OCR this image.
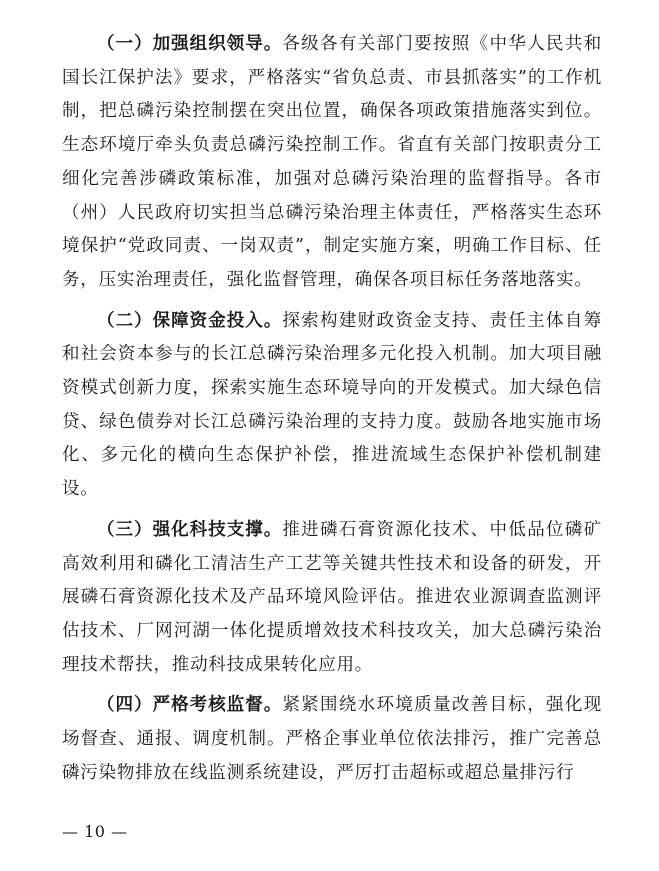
（一）加强组织领导。各级各有关部门要按照《中华人民共和国长江保护法》要求，严格落实“省负总责、市县抓落实”的工作机制，把总磷污染控制摆在突出位置，确保各项政策措施落实到位。生态环境厅牵头负责总磷污染控制工作。省直有关部门按职责分工细化完善涉磷政策标准，加强对总磷污染治理的监督指导。各市（州）人民政府切实担当总磷污染治理主体责任，严格落实生态环境保护“党政同责、一岗双责”，制定实施方案，明确工作目标、任务，压实治理责任，强化监督管理，确保各项目标任务落地落实。

（二）保障资金投入。探索构建财政资金支持、责任主体自筹和社会资本参与的长江总磷污染治理多元化投入机制。加大项目融资模式创新力度，探索实施生态环境导向的开发模式。加大绿色信贷、绿色债券对长江总磷污染治理的支持力度。鼓励各地实施市场化、多元化的横向生态保护补偿，推进流域生态保护补偿机制建设。

（三）强化科技支撑。推进磷石膏资源化技术、中低品位磷矿高效利用和磷化工清洁生产工艺等关键共性技术和设备的研发，开展磷石膏资源化技术及产品环境风险评估。推进农业源调查监测评估技术、厂网河湖一体化提质增效技术科技攻关，加大总磷污染治理技术帮扶，推动科技成果转化应用。

（四）严格考核监督。紧紧围绕水环境质量改善目标，强化现场督查、通报、调度机制。严格企事业单位依法排污，推广完善总磷污染物排放在线监测系统建设，严厉打击超标或超总量排污行

— 10 —
